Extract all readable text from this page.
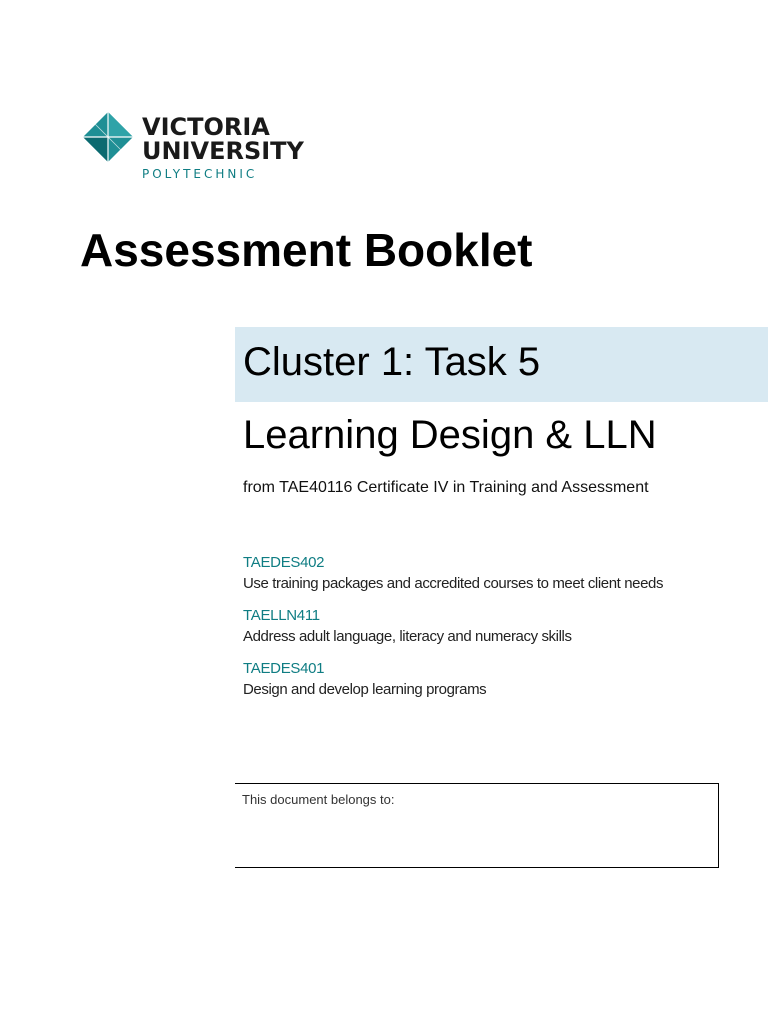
VICTORIA
UNIVERSITY
POLYTECHNIC
Assessment Booklet
Cluster 1: Task 5
Learning Design & LLN

from TAE40116 Certificate IV in Training and Assessment

TAEDES402
Use training packages and accredited courses to meet client needs
TAELLN411
Address adult language, literacy and numeracy skills
TAEDES401
Design and develop learning programs
This document belongs to:
